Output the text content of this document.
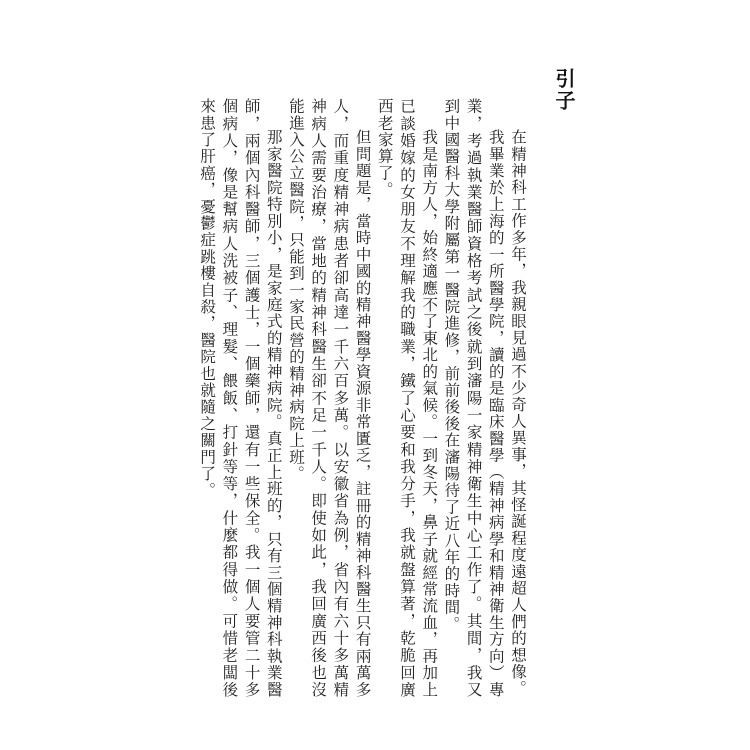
引子

在精神科工作多年，我親眼見過不少奇人異事，其怪誕程度遠超人們的想像。

我畢業於上海的一所醫學院，讀的是臨床醫學（精神病學和精神衛生方向）專業，考過執業醫師資格考試之後就到瀋陽一家精神衛生中心工作了。其間，我又到中國醫科大學附屬第一醫院進修，前前後後在瀋陽待了近八年的時間。

我是南方人，始終適應不了東北的氣候。一到冬天，鼻子就經常流血，再加上已談婚嫁的女朋友不理解我的職業，鐵了心要和我分手，我就盤算著，乾脆回廣西老家算了。

但問題是，當時中國的精神醫學資源非常匱乏，註冊的精神科醫生只有兩萬多人，而重度精神病患者卻高達一千六百多萬。以安徽省為例，省內有六十多萬精神病人需要治療，當地的精神科醫生卻不足一千人。即使如此，我回廣西後也沒能進入公立醫院，只能到一家民營的精神病院上班。

那家醫院特別小，是家庭式的精神病院。真正上班的，只有三個精神科執業醫師，兩個內科醫師，三個護士，一個藥師，還有一些保全。我一個人要管二十多個病人，像是幫病人洗被子、理髮、餵飯、打針等等，什麼都得做。可惜老闆後來患了肝癌，憂鬱症跳樓自殺，醫院也就隨之關門了。
